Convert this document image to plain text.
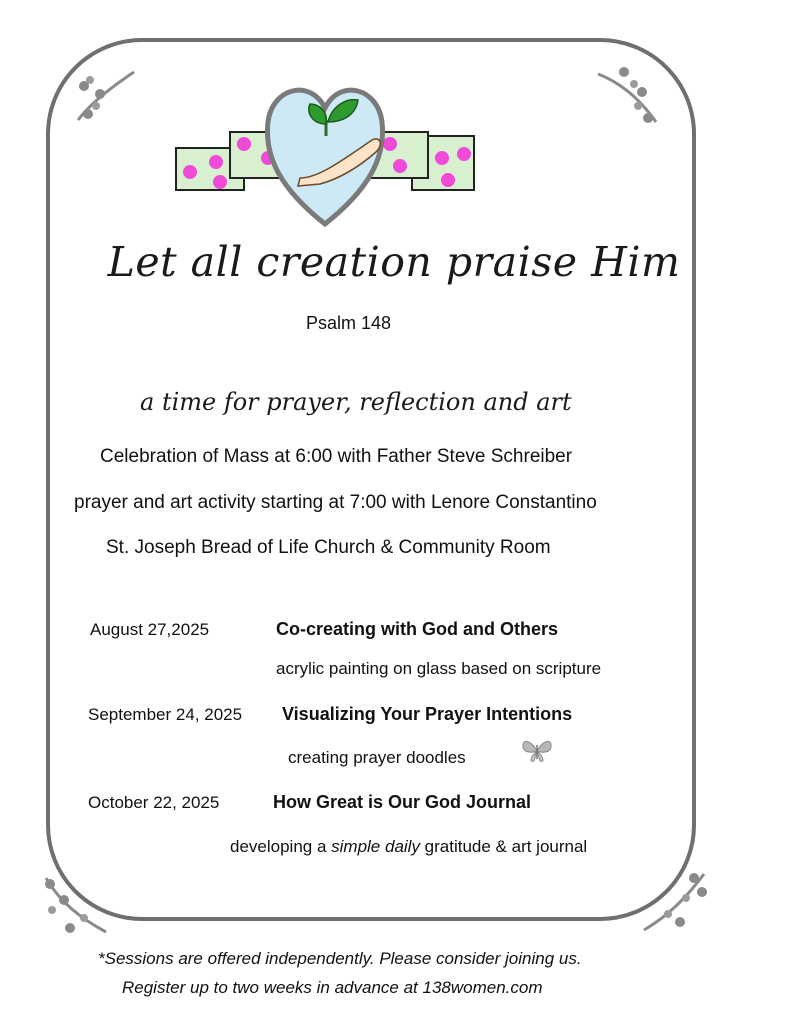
Let all creation praise Him
Psalm 148
a time for prayer, reflection and art
Celebration of Mass at 6:00 with Father Steve Schreiber
prayer and art activity starting at 7:00 with Lenore Constantino
St. Joseph Bread of Life Church & Community Room
August 27,2025	Co-creating with God and Others
acrylic painting on glass based on scripture
September 24, 2025 Visualizing Your Prayer Intentions
creating prayer doodles
October 22, 2025	How Great is Our God Journal
developing a simple daily gratitude & art journal
*Sessions are offered independently. Please consider joining us.
Register up to two weeks in advance at 138women.com
